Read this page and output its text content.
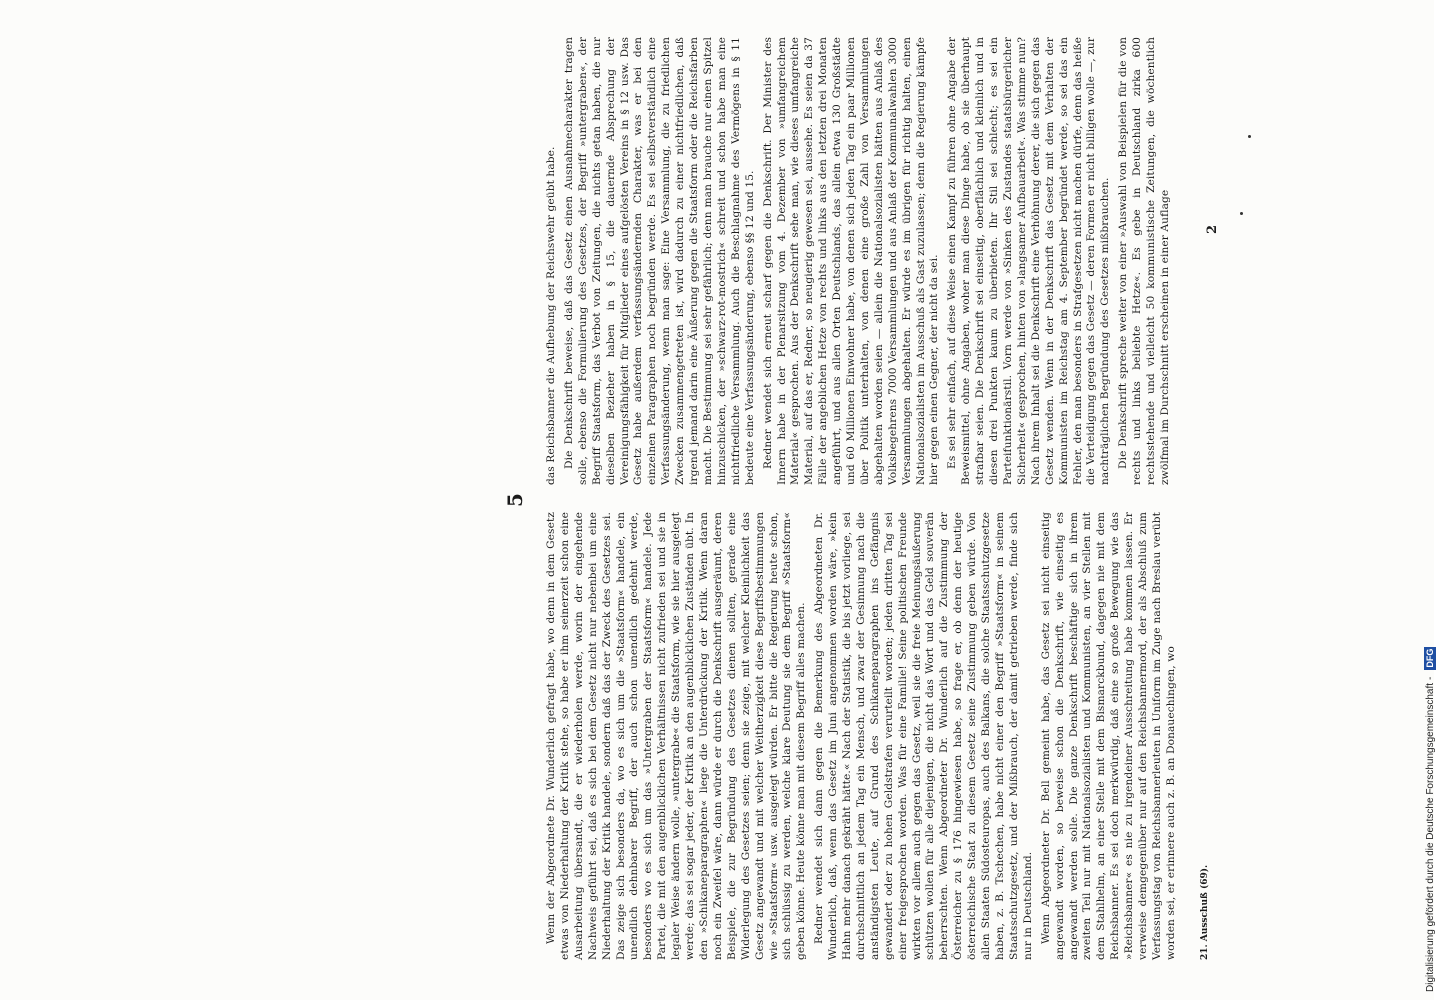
5

Wenn der Abgeordnete Dr. Wunderlich gefragt habe, wo denn in dem Gesetz etwas von Niederhaltung der Kritik stehe, so habe er ihm seinerzeit schon eine Ausarbeitung übersandt, die er wiederholen werde, worin der eingehende Nachweis geführt sei, daß es sich bei dem Gesetz nicht nur nebenbei um eine Niederhaltung der Kritik handele, sondern daß das der Zweck des Gesetzes sei. Das zeige sich besonders da, wo es sich um die »Staatsform« handele, ein unendlich dehnbarer Begriff, der auch schon unendlich gedehnt werde, besonders wo es sich um das »Untergraben der Staatsform« handele. Jede Partei, die mit den augenblicklichen Verhältnissen nicht zufrieden sei und sie in legaler Weise ändern wolle, »untergrabe« die Staatsform, wie sie hier ausgelegt werde; das sei sogar jeder, der Kritik an den augenblicklichen Zuständen übt. In den »Schikaneparagraphen« liege die Unterdrückung der Kritik. Wenn daran noch ein Zweifel wäre, dann würde er durch die Denkschrift ausgeräumt, deren Beispiele, die zur Begründung des Gesetzes dienen sollten, gerade eine Widerlegung des Gesetzes seien; denn sie zeige, mit welcher Kleinlichkeit das Gesetz angewandt und mit welcher Weitherzigkeit diese Begriffsbestimmungen wie »Staatsform« usw. ausgelegt würden. Er bitte die Regierung heute schon, sich schlüssig zu werden, welche klare Deutung sie dem Begriff »Staatsform« geben könne. Heute könne man mit diesem Begriff alles machen. Redner wendet sich dann gegen die Bemerkung des Abgeordneten Dr. Wunderlich, daß, wenn das Gesetz im Juni angenommen worden wäre, »kein Hahn mehr danach gekräht hätte.« Nach der Statistik, die bis jetzt vorliege, sei durchschnittlich an jedem Tag ein Mensch, und zwar der Gesinnung nach die anständigsten Leute, auf Grund des Schikaneparagraphen ins Gefängnis gewandert oder zu hohen Geldstrafen verurteilt worden; jeden dritten Tag sei einer freigesprochen worden. Was für eine Familie! Seine politischen Freunde wirkten vor allem auch gegen das Gesetz, weil sie die freie Meinungsäußerung schützen wollen für alle diejenigen, die nicht das Wort und das Geld souverän beherrschten. Wenn Abgeordneter Dr. Wunderlich auf die Zustimmung der Österreicher zu § 176 hingewiesen habe, so frage er, ob denn der heutige österreichische Staat zu diesem Gesetz seine Zustimmung geben würde. Von allen Staaten Südosteuropas, auch des Balkans, die solche Staatsschutzgesetze haben, z. B. Tschechen, habe nicht einer den Begriff »Staatsform« in seinem Staatsschutzgesetz, und der Mißbrauch, der damit getrieben werde, finde sich nur in Deutschland. Wenn Abgeordneter Dr. Bell gemeint habe, das Gesetz sei nicht einseitig angewandt worden, so beweise schon die Denkschrift, wie einseitig es angewandt werden solle. Die ganze Denkschrift beschäftige sich in ihrem zweiten Teil nur mit Nationalsozialisten und Kommunisten, an vier Stellen mit dem Stahlhelm, an einer Stelle mit dem Bismarckbund, dagegen nie mit dem Reichsbanner. Es sei doch merkwürdig, daß eine so große Bewegung wie das »Reichsbanner« es nie zu irgendeiner Ausschreitung habe kommen lassen. Er verweise demgegenüber nur auf den Reichsbannermord, der als Abschluß zum Verfassungstag von Reichsbannerleuten in Uniform im Zuge nach Breslau verübt worden sei, er erinnere auch z. B. an Donauechingen, wo

das Reichsbanner die Aufhebung der Reichswehr geübt habe. Die Denkschrift beweise, daß das Gesetz einen Ausnahmecharakter tragen solle, ebenso die Formulierung des Gesetzes, der Begriff »untergraben«, der Begriff Staatsform, das Verbot von Zeitungen, die nichts getan haben, die nur dieselben Bezieher haben in § 15, die dauernde Absprechung der Vereinigungsfähigkeit für Mitglieder eines aufgelösten Vereins in § 12 usw. Das Gesetz habe außerdem verfassungsändernden Charakter, was er bei den einzelnen Paragraphen noch begründen werde. Es sei selbstverständlich eine Verfassungsänderung, wenn man sage: Eine Versammlung, die zu friedlichen Zwecken zusammengetreten ist, wird dadurch zu einer nichtfriedlichen, daß irgend jemand darin eine Äußerung gegen die Staatsform oder die Reichsfarben macht. Die Bestimmung sei sehr gefährlich; denn man brauche nur einen Spitzel hinzuschicken, der »schwarz-rot-mostrich« schreit und schon habe man eine nichtfriedliche Versammlung. Auch die Beschlagnahme des Vermögens in § 11 bedeute eine Verfassungsänderung, ebenso §§ 12 und 15. Redner wendet sich erneut scharf gegen die Denkschrift. Der Minister des Innern habe in der Plenarsitzung vom 4. Dezember von »umfangreichem Material« gesprochen. Aus der Denkschrift sehe man, wie dieses umfangreiche Material, auf das er, Redner, so neugierig gewesen sei, aussehe. Es seien da 37 Fälle der angeblichen Hetze von rechts und links aus den letzten drei Monaten angeführt, und aus allen Orten Deutschlands, das allein etwa 130 Großstädte und 60 Millionen Einwohner habe, von denen sich jeden Tag ein paar Millionen über Politik unterhalten, von denen eine große Zahl von Versammlungen abgehalten worden seien — allein die Nationalsozialisten hätten aus Anlaß des Volksbegehrens 7000 Versammlungen und aus Anlaß der Kommunalwahlen 3000 Versammlungen abgehalten. Er würde es im übrigen für richtig halten, einen Nationalsozialisten im Ausschuß als Gast zuzulassen; denn die Regierung kämpfe hier gegen einen Gegner, der nicht da sei. Es sei sehr einfach, auf diese Weise einen Kampf zu führen ohne Angabe der Beweismittel, ohne Angaben, woher man diese Dinge habe, ob sie überhaupt strafbar seien. Die Denkschrift sei einseitig, oberflächlich und kleinlich und in diesen drei Punkten kaum zu überbieten. Ihr Stil sei schlecht; es sei ein Parteifunktionärstil. Vorn werde von »Sinken des Zustandes staatsbürgerlicher Sicherheit« gesprochen, hinten von »langsamer Aufbauarbeit«. Was stimme nun? Nach ihrem Inhalt sei die Denkschrift eine Verhöhnung derer, die sich gegen das Gesetz wenden. Wenn in der Denkschrift das Gesetz mit dem Verhalten der Kommunisten im Reichstag am 4. September begründet werde, so sei das ein Fehler, den man besonders in Strafgesetzen nicht machen dürfe, denn das heiße die Verteidigung gegen das Gesetz — deren Formen er nicht billigen wolle —, zur nachträglichen Begründung des Gesetzes mißbrauchen. Die Denkschrift spreche weiter von einer »Auswahl von Beispielen für die von rechts und links beliebte Hetze«. Es gebe in Deutschland zirka 600 rechtsstehende und vielleicht 50 kommunistische Zeitungen, die wöchentlich zwölfmal im Durchschnitt erscheinen in einer Auflage

21. Ausschuß (69).
2
Digitalisierung gefördert durch die Deutsche Forschungsgemeinschaft-DFG
